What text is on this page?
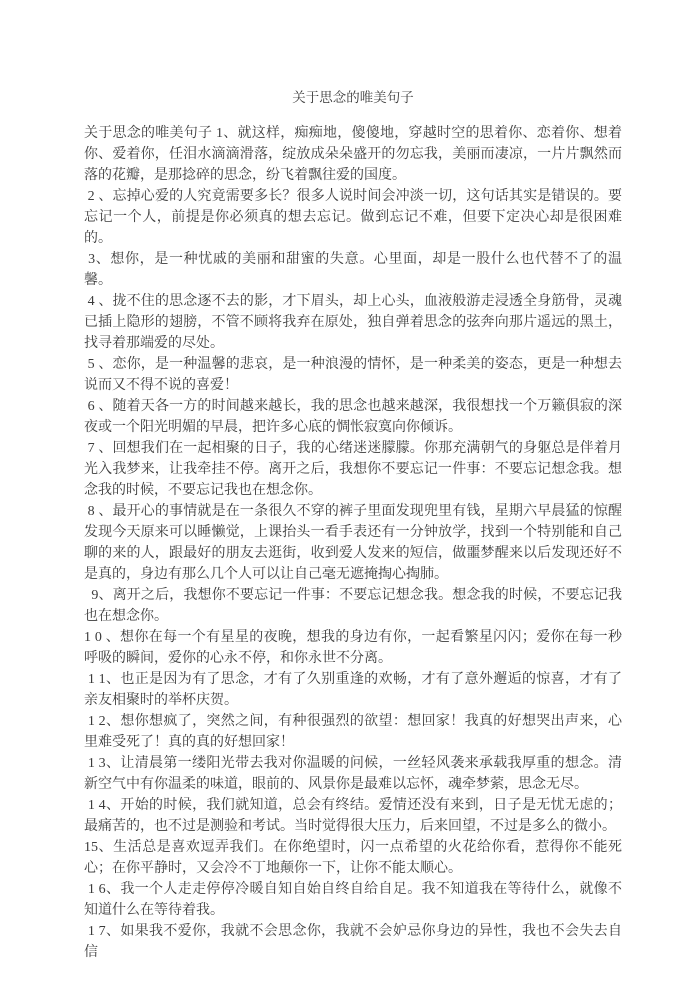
关于思念的唯美句子

关于思念的唯美句子 1、就这样，痴痴地，傻傻地，穿越时空的思着你、恋着你、想着你、爱着你，任泪水滴滴滑落，绽放成朵朵盛开的勿忘我，美丽而凄凉，一片片飘然而落的花瓣，是那捻碎的思念，纷飞着飘往爱的国度。

2 、忘掉心爱的人究竟需要多长？很多人说时间会冲淡一切，这句话其实是错误的。要忘记一个人，前提是你必须真的想去忘记。做到忘记不难，但要下定决心却是很困难的。

3、想你，是一种忧戚的美丽和甜蜜的失意。心里面，却是一股什么也代替不了的温馨。

4 、拢不住的思念逐不去的影，才下眉头，却上心头，血液般游走浸透全身筋骨，灵魂已插上隐形的翅膀，不管不顾将我弃在原处，独自弹着思念的弦奔向那片遥远的黑土，找寻着那端爱的尽处。

5 、恋你，是一种温馨的悲哀，是一种浪漫的情怀，是一种柔美的姿态，更是一种想去说而又不得不说的喜爱！

6 、随着天各一方的时间越来越长，我的思念也越来越深，我很想找一个万籁俱寂的深夜或一个阳光明媚的早晨，把许多心底的惆怅寂寞向你倾诉。

7 、回想我们在一起相聚的日子，我的心绪迷迷朦朦。你那充满朝气的身躯总是伴着月光入我梦来，让我牵挂不停。离开之后，我想你不要忘记一件事：不要忘记想念我。想念我的时候，不要忘记我也在想念你。

8 、最开心的事情就是在一条很久不穿的裤子里面发现兜里有钱，星期六早晨猛的惊醒发现今天原来可以睡懒觉，上课抬头一看手表还有一分钟放学，找到一个特别能和自己聊的来的人，跟最好的朋友去逛街，收到爱人发来的短信，做噩梦醒来以后发现还好不是真的，身边有那么几个人可以让自己毫无遮掩掏心掏肺。

9、离开之后，我想你不要忘记一件事：不要忘记想念我。想念我的时候，不要忘记我也在想念你。

1 0 、想你在每一个有星星的夜晚，想我的身边有你，一起看繁星闪闪；爱你在每一秒呼吸的瞬间，爱你的心永不停，和你永世不分离。

1 1、也正是因为有了思念，才有了久别重逢的欢畅，才有了意外邂逅的惊喜，才有了亲友相聚时的举杯庆贺。

1 2、想你想疯了，突然之间，有种很强烈的欲望：想回家！我真的好想哭出声来，心里难受死了！真的真的好想回家！

1 3、让清晨第一缕阳光带去我对你温暖的问候，一丝轻风袭来承载我厚重的想念。清新空气中有你温柔的味道，眼前的、风景你是最难以忘怀，魂牵梦萦，思念无尽。

1 4、开始的时候，我们就知道，总会有终结。爱情还没有来到，日子是无忧无虑的；最痛苦的，也不过是测验和考试。当时觉得很大压力，后来回望，不过是多么的微小。

15、生活总是喜欢逗弄我们。在你绝望时，闪一点希望的火花给你看，惹得你不能死心；在你平静时，又会冷不丁地颠你一下，让你不能太顺心。

1 6、我一个人走走停停冷暖自知自始自终自给自足。我不知道我在等待什么，就像不知道什么在等待着我。

1 7、如果我不爱你，我就不会思念你，我就不会妒忌你身边的异性，我也不会失去自信
